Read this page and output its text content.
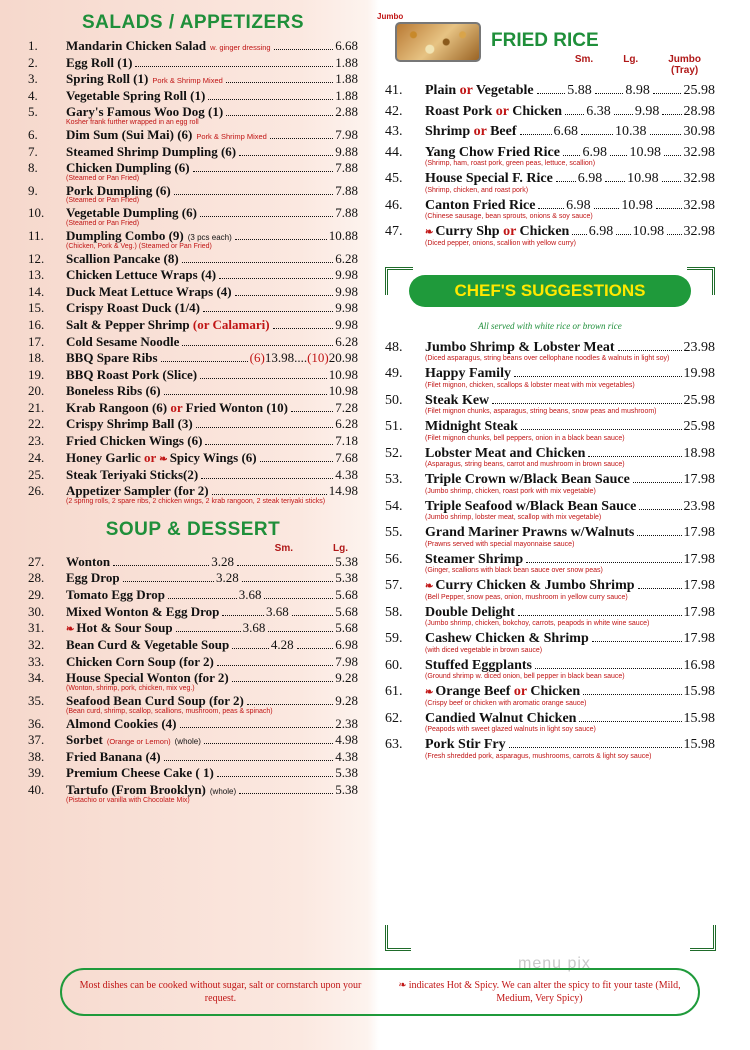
SALADS / APPETIZERS
1.	Mandarin Chicken Salad w. ginger dressing	6.68
2.	Egg Roll (1)	1.88
3.	Spring Roll (1) Pork & Shrimp Mixed	1.88
4.	Vegetable Spring Roll (1)	1.88
5.	Gary's Famous Woo Dog (1)	2.88
Kosher frank further wrapped in an egg roll
6.	Dim Sum (Sui Mai) (6) Pork & Shrimp Mixed	7.98
7.	Steamed Shrimp Dumpling (6)	9.88
8.	Chicken Dumpling (6)	7.88
(Steamed or Pan Fried)
9.	Pork Dumpling (6)	7.88
(Steamed or Pan Fried)
10.	Vegetable Dumpling (6)	7.88
(Steamed or Pan Fried)
11.	Dumpling Combo (9) (3 pcs each)	10.88
(Chicken, Pork & Veg.) (Steamed or Pan Fried)
12.	Scallion Pancake (8)	6.28
13.	Chicken Lettuce Wraps (4)	9.98
14.	Duck Meat Lettuce Wraps (4)	9.98
15.	Crispy Roast Duck (1/4)	9.98
16.	Salt & Pepper Shrimp (or Calamari)	9.98
17.	Cold Sesame Noodle	6.28
18.	BBQ Spare Ribs	(6) 13.98.... (10) 20.98
19.	BBQ Roast Pork (Slice)	10.98
20.	Boneless Ribs (6)	10.98
21.	Krab Rangoon (6) or Fried Wonton (10)	7.28
22.	Crispy Shrimp Ball (3)	6.28
23.	Fried Chicken Wings (6)	7.18
24.	Honey Garlic or ❧ Spicy Wings (6)	7.68
25.	Steak Teriyaki Sticks(2)	4.38
26.	Appetizer Sampler (for 2)	14.98
(2 spring rolls, 2 spare ribs, 2 chicken wings, 2 krab rangoon, 2 steak teriyaki sticks)
SOUP & DESSERT
Sm.	Lg.
27.	Wonton	3.28	5.38
28.	Egg Drop	3.28	5.38
29.	Tomato Egg Drop	3.68	5.68
30.	Mixed Wonton & Egg Drop	3.68	5.68
31.	❧ Hot & Sour Soup	3.68	5.68
32.	Bean Curd & Vegetable Soup	4.28	6.98
33.	Chicken Corn Soup (for 2)	7.98
34.	House Special Wonton (for 2)	9.28
(Wonton, shrimp, pork, chicken, mix veg.)
35.	Seafood Bean Curd Soup (for 2)	9.28
(Bean curd, shrimp, scallop, scallions, mushroom, peas & spinach)
36.	Almond Cookies (4)	2.38
37.	Sorbet (Orange or Lemon) (whole)	4.98
38.	Fried Banana (4)	4.38
39.	Premium Cheese Cake ( 1)	5.38
40.	Tartufo (From Brooklyn) (whole)	5.38
(Pistachio or vanilla with Chocolate Mix)
Jumbo
FRIED RICE
Sm.	Lg.	Jumbo
(Tray)
41.	Plain or Vegetable 5.88 8.98 25.98
42.	Roast Pork or Chicken 6.38 9.98 28.98
43.	Shrimp or Beef	6.68	10.38	30.98
44.	Yang Chow Fried Rice 6.98 10.98 32.98
(Shrimp, ham, roast pork, green peas, lettuce, scallion)
45.	House Special F. Rice 6.98 10.98 32.98
(Shrimp, chicken, and roast pork)
46.	Canton Fried Rice 6.98 10.98 32.98
(Chinese sausage, bean sprouts, onions & soy sauce)
47.	❧ Curry Shp or Chicken 6.98 10.98 32.98
(Diced pepper, onions, scallion with yellow curry)
CHEF'S SUGGESTIONS
All served with white rice or brown rice
48.	Jumbo Shrimp & Lobster Meat	23.98
(Diced asparagus, string beans over cellophane noodles & walnuts in light soy)
49.	Happy Family	19.98
(Filet mignon, chicken, scallops & lobster meat with mix vegetables)
50.	Steak Kew	25.98
(Filet mignon chunks, asparagus, string beans, snow peas and mushroom)
51.	Midnight Steak	25.98
(Filet mignon chunks, bell peppers, onion in a black bean sauce)
52.	Lobster Meat and Chicken	18.98
(Asparagus, string beans, carrot and mushroom in brown sauce)
53.	Triple Crown w/Black Bean Sauce	17.98
(Jumbo shrimp, chicken, roast pork with mix vegetable)
54.	Triple Seafood w/Black Bean Sauce	23.98
(Jumbo shrimp, lobster meat, scallop with mix vegetable)
55.	Grand Mariner Prawns w/Walnuts	17.98
(Prawns served with special mayonnaise sauce)
56.	Steamer Shrimp	17.98
(Ginger, scallions with black bean sauce over snow peas)
57.	❧ Curry Chicken & Jumbo Shrimp	17.98
(Bell Pepper, snow peas, onion, mushroom in yellow curry sauce)
58.	Double Delight	17.98
(Jumbo shrimp, chicken, bokchoy, carrots, peapods in white wine sauce)
59.	Cashew Chicken & Shrimp	17.98
(with diced vegetable in brown sauce)
60.	Stuffed Eggplants	16.98
(Ground shrimp w. diced onion, bell pepper in black bean sauce)
61.	❧ Orange Beef or Chicken	15.98
(Crispy beef or chicken with aromatic orange sauce)
62.	Candied Walnut Chicken	15.98
(Peapods with sweet glazed walnuts in light soy sauce)
63.	Pork Stir Fry	15.98
(Fresh shredded pork, asparagus, mushrooms, carrots & light soy sauce)
menu pix
Most dishes can be cooked without sugar, salt or cornstarch upon your request.
❧ indicates Hot & Spicy. We can alter the spicy to fit your taste (Mild, Medium, Very Spicy)
